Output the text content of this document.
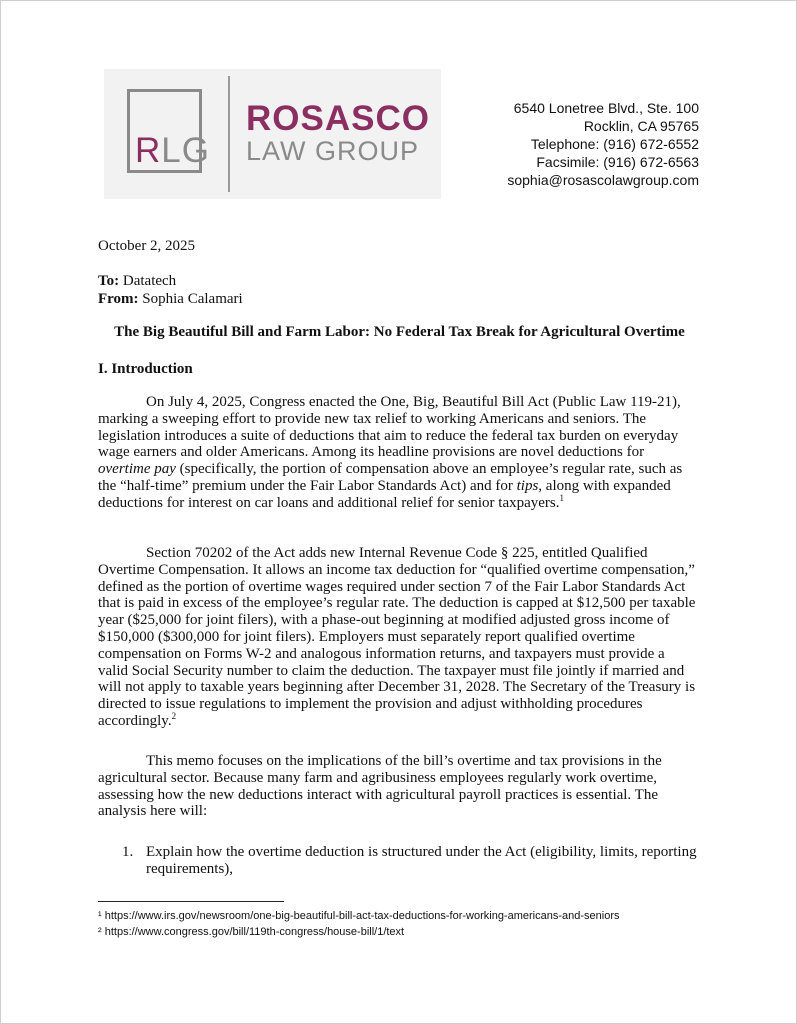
RLG
ROSASCO
LAW GROUP
6540 Lonetree Blvd., Ste. 100
Rocklin, CA 95765
Telephone: (916) 672-6552
Facsimile: (916) 672-6563
sophia@rosascolawgroup.com
October 2, 2025
To: Datatech
From: Sophia Calamari
The Big Beautiful Bill and Farm Labor: No Federal Tax Break for Agricultural Overtime
I. Introduction

On July 4, 2025, Congress enacted the One, Big, Beautiful Bill Act (Public Law 119-21), marking a sweeping effort to provide new tax relief to working Americans and seniors. The legislation introduces a suite of deductions that aim to reduce the federal tax burden on everyday wage earners and older Americans. Among its headline provisions are novel deductions for overtime pay (specifically, the portion of compensation above an employee’s regular rate, such as the “half-time” premium under the Fair Labor Standards Act) and for tips, along with expanded deductions for interest on car loans and additional relief for senior taxpayers.$^1$

Section 70202 of the Act adds new Internal Revenue Code § 225, entitled Qualified Overtime Compensation. It allows an income tax deduction for “qualified overtime compensation,” defined as the portion of overtime wages required under section 7 of the Fair Labor Standards Act that is paid in excess of the employee’s regular rate. The deduction is capped at $12,500 per taxable year ($25,000 for joint filers), with a phase-out beginning at modified adjusted gross income of $150,000 ($300,000 for joint filers). Employers must separately report qualified overtime compensation on Forms W-2 and analogous information returns, and taxpayers must provide a valid Social Security number to claim the deduction. The taxpayer must file jointly if married and will not apply to taxable years beginning after December 31, 2028. The Secretary of the Treasury is directed to issue regulations to implement the provision and adjust withholding procedures accordingly.$^2$

This memo focuses on the implications of the bill’s overtime and tax provisions in the agricultural sector. Because many farm and agribusiness employees regularly work overtime, assessing how the new deductions interact with agricultural payroll practices is essential. The analysis here will:

1. Explain how the overtime deduction is structured under the Act (eligibility, limits, reporting requirements),
¹ https://www.irs.gov/newsroom/one-big-beautiful-bill-act-tax-deductions-for-working-americans-and-seniors
² https://www.congress.gov/bill/119th-congress/house-bill/1/text
